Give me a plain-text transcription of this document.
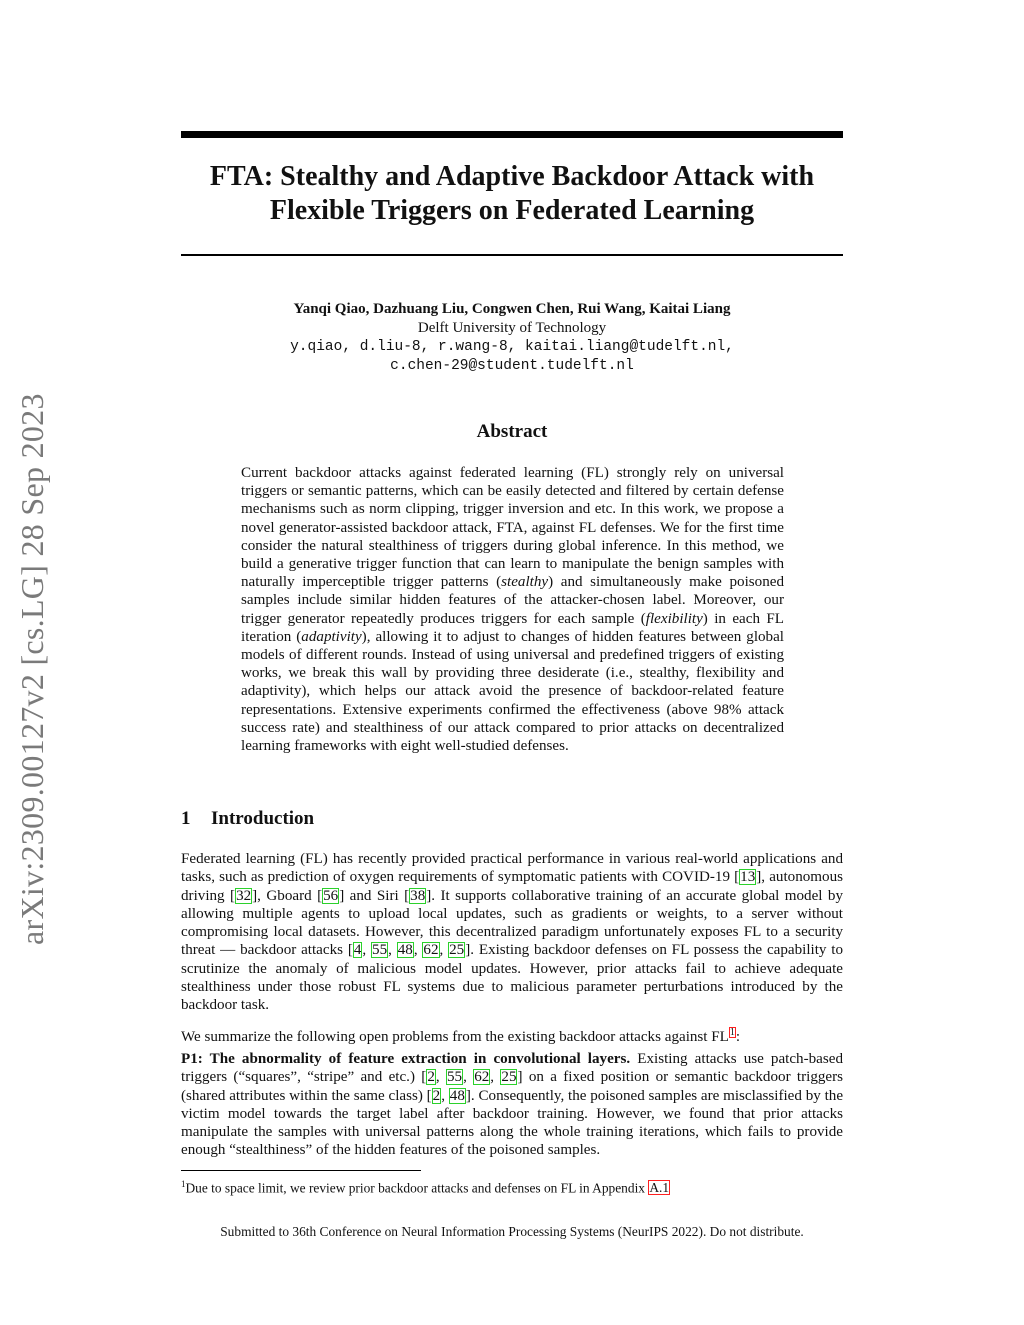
arXiv:2309.00127v2 [cs.LG] 28 Sep 2023
FTA: Stealthy and Adaptive Backdoor Attack with
Flexible Triggers on Federated Learning
Yanqi Qiao, Dazhuang Liu, Congwen Chen, Rui Wang, Kaitai Liang
Delft University of Technology
y.qiao, d.liu-8, r.wang-8, kaitai.liang@tudelft.nl,
c.chen-29@student.tudelft.nl
Abstract
Current backdoor attacks against federated learning (FL) strongly rely on universal triggers or semantic patterns, which can be easily detected and filtered by certain defense mechanisms such as norm clipping, trigger inversion and etc. In this work, we propose a novel generator-assisted backdoor attack, FTA, against FL defenses. We for the first time consider the natural stealthiness of triggers during global inference. In this method, we build a generative trigger function that can learn to manipulate the benign samples with naturally imperceptible trigger patterns (stealthy) and simultaneously make poisoned samples include similar hidden features of the attacker-chosen label. Moreover, our trigger generator repeatedly produces triggers for each sample (flexibility) in each FL iteration (adaptivity), allowing it to adjust to changes of hidden features between global models of different rounds. Instead of using universal and predefined triggers of existing works, we break this wall by providing three desiderate (i.e., stealthy, flexibility and adaptivity), which helps our attack avoid the presence of backdoor-related feature representations. Extensive experiments confirmed the effectiveness (above 98% attack success rate) and stealthiness of our attack compared to prior attacks on decentralized learning frameworks with eight well-studied defenses.
1 Introduction
Federated learning (FL) has recently provided practical performance in various real-world applications and tasks, such as prediction of oxygen requirements of symptomatic patients with COVID-19 [13], autonomous driving [32], Gboard [56] and Siri [38]. It supports collaborative training of an accurate global model by allowing multiple agents to upload local updates, such as gradients or weights, to a server without compromising local datasets. However, this decentralized paradigm unfortunately exposes FL to a security threat — backdoor attacks [4, 55, 48, 62, 25]. Existing backdoor defenses on FL possess the capability to scrutinize the anomaly of malicious model updates. However, prior attacks fail to achieve adequate stealthiness under those robust FL systems due to malicious parameter perturbations introduced by the backdoor task.
We summarize the following open problems from the existing backdoor attacks against FL$^1$:
P1: The abnormality of feature extraction in convolutional layers. Existing attacks use patch-based triggers (“squares”, “stripe” and etc.) [2, 55, 62, 25] on a fixed position or semantic backdoor triggers (shared attributes within the same class) [2, 48]. Consequently, the poisoned samples are misclassified by the victim model towards the target label after backdoor training. However, we found that prior attacks manipulate the samples with universal patterns along the whole training iterations, which fails to provide enough “stealthiness” of the hidden features of the poisoned samples.
$^1$Due to space limit, we review prior backdoor attacks and defenses on FL in Appendix A.1
Submitted to 36th Conference on Neural Information Processing Systems (NeurIPS 2022). Do not distribute.
